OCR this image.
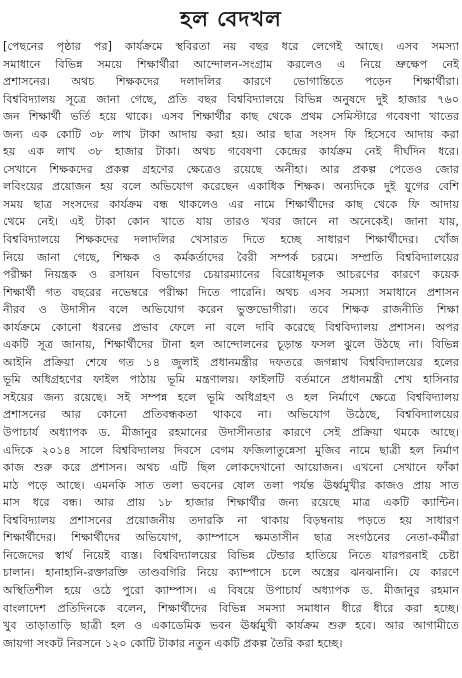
হল বেদখল
[পেছনের পৃষ্ঠার পর] কার্যক্রমে স্থবিরতা নয় বছর ধরে লেগেই আছে। এসব সমস্যা
সমাধানে বিভিন্ন সময়ে শিক্ষার্থীরা আন্দোলন-সংগ্রাম করলেও এ নিয়ে ভ্রুক্ষেপ নেই
প্রশাসনের। অথচ শিক্ষকদের দলাদলির কারণে ভোগান্তিতে পড়েন শিক্ষার্থীরা।
বিশ্ববিদ্যালয় সূত্রে জানা গেছে, প্রতি বছর বিশ্ববিদ্যালয়ে বিভিন্ন অনুষদে দুই হাজার ৭৬০
জন শিক্ষার্থী ভর্তি হয়ে থাকে। এসব শিক্ষার্থীর কাছ থেকে প্রথম সেমিস্টারে গবেষণা খাতের
জন্য এক কোটি ৩৮ লাখ টাকা আদায় করা হয়। আর ছাত্র সংসদ ফি হিসেবে আদায় করা
হয় এক লাখ ৩৮ হাজার টাকা। অথচ গবেষণা কেন্দ্রের কার্যক্রম নেই দীর্ঘদিন ধরে।
সেখানে শিক্ষকদের প্রকল্প গ্রহণের ক্ষেত্রেও রয়েছে অনীহা। আর প্রকল্প পেতেও জোর
লবিংয়ের প্রয়োজন হয় বলে অভিযোগ করেছেন একাধিক শিক্ষক। অন্যদিকে দুই যুগের বেশি
সময় ছাত্র সংসদের কার্যক্রম বন্ধ থাকলেও এর নামে শিক্ষার্থীদের কাছ থেকে ফি আদায়
থেমে নেই। এই টাকা কোন খাতে যায় তারও খবর জানে না অনেকেই। জানা যায়,
বিশ্ববিদ্যালয়ে শিক্ষকদের দলাদলির খেসারত দিতে হচ্ছে সাধারণ শিক্ষার্থীদের। খোঁজ
নিয়ে জানা গেছে, শিক্ষক ও কর্মকর্তাদের বৈরী সম্পর্ক চরমে। সম্প্রতি বিশ্ববিদ্যালয়ের
পরীক্ষা নিয়ন্ত্রক ও রসায়ন বিভাগের চেয়ারম্যানের বিরোধমূলক আচরণের কারণে কয়েক
শিক্ষার্থী গত বছরের নভেম্বরে পরীক্ষা দিতে পারেনি। অথচ এসব সমস্যা সমাধানে প্রশাসন
নীরব ও উদাসীন বলে অভিযোগ করেন ভুক্তভোগীরা। তবে শিক্ষক রাজনীতি শিক্ষা
কার্যক্রমে কোনো ধরনের প্রভাব ফেলে না বলে দাবি করেছে বিশ্ববিদ্যালয় প্রশাসন। অপর
একটি সূত্র জানায়, শিক্ষার্থীদের টানা হল আন্দোলনের চূড়ান্ত ফসল ঝুলে উঠছে না। বিভিন্ন
আইনি প্রক্রিয়া শেষে গত ১৪ জুলাই প্রধানমন্ত্রীর দফতরে জগন্নাথ বিশ্ববিদ্যালয়ের হলের
ভূমি অধিগ্রহণের ফাইল পাঠায় ভূমি মন্ত্রণালয়। ফাইলটি বর্তমানে প্রধানমন্ত্রী শেখ হাসিনার
সইয়ের জন্য রয়েছে। সই সম্পন্ন হলে ভূমি অধিগ্রহণ ও হল নির্মাণে ক্ষেত্রে বিশ্ববিদ্যালয়
প্রশাসনের আর কোনো প্রতিবন্ধকতা থাকবে না। অভিযোগ উঠেছে, বিশ্ববিদ্যালয়ের
উপাচার্য অধ্যাপক ড. মীজানুর রহমানের উদাসীনতার কারণে সেই প্রক্রিয়া থমকে আছে।
এদিকে ২০১৪ সালে বিশ্ববিদ্যালয় দিবসে বেগম ফজিলাতুন্নেসা মুজিব নামে ছাত্রী হল নির্মাণ
কাজ শুরু করে প্রশাসন। অথচ এটি ছিল লোকদেখানো আয়োজন। এখনো সেখানে ফাঁকা
মাঠ পড়ে আছে। এমনকি সাত তলা ভবনের ষোল তলা পর্যন্ত ঊর্ধ্বমুখীর কাজও প্রায় সাত
মাস ধরে বন্ধ। আর প্রায় ১৮ হাজার শিক্ষার্থীর জন্য রয়েছে মাত্র একটি ক্যান্টিন।
বিশ্ববিদ্যালয় প্রশাসনের প্রয়োজনীয় তদারকি না থাকায় বিড়ম্বনায় পড়তে হয় সাধারণ
শিক্ষার্থীদের। শিক্ষার্থীদের অভিযোগ, ক্যাম্পাসে ক্ষমতাসীন ছাত্র সংগঠনের নেতা-কর্মীরা
নিজেদের স্বার্থ নিয়েই ব্যস্ত। বিশ্ববিদ্যালয়ের বিভিন্ন টেন্ডার হাতিয়ে নিতে যারপরনাই চেষ্টা
চালান। হানাহানি-রক্তারক্তি তাণ্ডবগিরি নিয়ে ক্যাম্পাসে চলে অস্ত্রের ঝনঝনানি। যে কারণে
অস্থিতিশীল হয়ে ওঠে পুরো ক্যাম্পাস। এ বিষয়ে উপাচার্য অধ্যাপক ড. মীজানুর রহমান
বাংলাদেশ প্রতিদিনকে বলেন, শিক্ষার্থীদের বিভিন্ন সমস্যা সমাধান ধীরে ধীরে করা হচ্ছে।
খুব তাড়াতাড়ি ছাত্রী হল ও একাডেমিক ভবন ঊর্ধ্বমুখী কার্যক্রম শুরু হবে। আর আগামীতে
জায়গা সংকট নিরসনে ১২০ কোটি টাকার নতুন একটি প্রকল্প তৈরি করা হচ্ছে।
